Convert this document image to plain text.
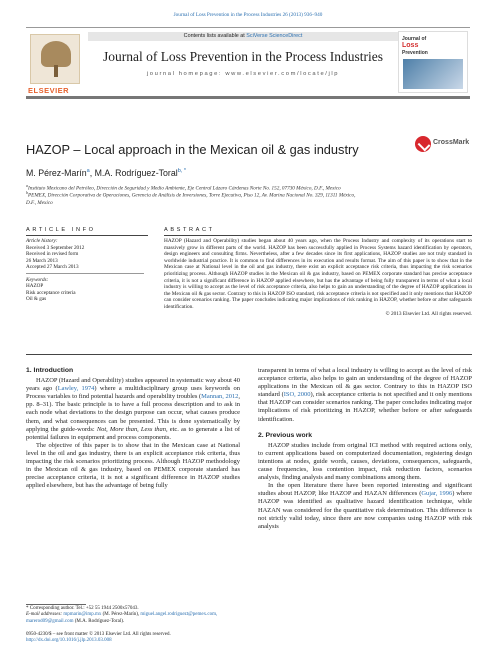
Journal of Loss Prevention in the Process Industries 26 (2013) 936–940
ELSEVIER
Contents lists available at SciVerse ScienceDirect
Journal of Loss Prevention in the Process Industries
journal homepage: www.elsevier.com/locate/jlp
Journal of
Loss
Prevention
HAZOP – Local approach in the Mexican oil & gas industry	CrossMark
M. Pérez-Marín$^a$, M.A. Rodríguez-Toral$^{b, *}$
$^a$Instituto Mexicano del Petróleo, Dirección de Seguridad y Medio Ambiente, Eje Central Lázaro Cárdenas Norte No. 152, 07730 México, D.F., Mexico
$^b$PEMEX, Dirección Corporativa de Operaciones, Gerencia de Análisis de Inversiones, Torre Ejecutiva, Piso 12, Av. Marina Nacional No. 329, 11311 México,
D.F., Mexico
ARTICLE INFO	ABSTRACT
Article history:
Received 3 September 2012
Received in revised form
26 March 2013
Accepted 27 March 2013
Keywords:
HAZOP
Risk acceptance criteria
Oil & gas
HAZOP (Hazard and Operability) studies began about 40 years ago, when the Process Industry and complexity of its operations start to massively grow in different parts of the world. HAZOP has been successfully applied in Process Systems hazard identification by operators, design engineers and consulting firms. Nevertheless, after a few decades since its first applications, HAZOP studies are not truly standard in worldwide industrial practice. It is common to find differences in its execution and results format. The aim of this paper is to show that in the Mexican case at National level in the oil and gas industry, there exist an explicit acceptance risk criteria, thus impacting the risk scenarios prioritizing process. Although HAZOP studies in the Mexican oil & gas industry, based on PEMEX corporate standard has precise acceptance criteria, it is not a significant difference in HAZOP applied elsewhere, but has the advantage of being fully transparent in terms of what a local industry is willing to accept as the level of risk acceptance criteria, also helps to gain an understanding of the degree of HAZOP applications in the Mexican oil & gas sector. Contrary to this in HAZOP ISO standard, risk acceptance criteria is not specified and it only mentions that HAZOP can consider scenarios ranking. The paper concludes indicating major implications of risk ranking in HAZOP, whether before or after safeguards identification.
© 2013 Elsevier Ltd. All rights reserved.
1. Introduction

HAZOP (Hazard and Operability) studies appeared in systematic way about 40 years ago (Lawley, 1974) where a multidisciplinary group uses keywords on Process variables to find potential hazards and operability troubles (Mannan, 2012, pp. 8–31). The basic principle is to have a full process description and to ask in each node what deviations to the design purpose can occur, what causes produce them, and what consequences can be presented. This is done systematically by applying the guide-words: Not, More than, Less than, etc. as to generate a list of potential failures in equipment and process components.

The objective of this paper is to show that in the Mexican case at National level in the oil and gas industry, there is an explicit acceptance risk criteria, thus impacting the risk scenarios prioritizing process. Although HAZOP methodology in the Mexican oil & gas industry, based on PEMEX corporate standard has precise acceptance criteria, it is not a significant difference in HAZOP studies applied elsewhere, but has the advantage of being fully

transparent in terms of what a local industry is willing to accept as the level of risk acceptance criteria, also helps to gain an understanding of the degree of HAZOP applications in the Mexican oil & gas sector. Contrary to this in HAZOP ISO standard (ISO, 2000), risk acceptance criteria is not specified and it only mentions that HAZOP can consider scenarios ranking. The paper concludes indicating major implications of risk prioritizing in HAZOP, whether before or after safeguards identification.

2. Previous work

HAZOP studies include from original ICI method with required actions only, to current applications based on computerized documentation, registering design intentions at nodes, guide words, causes, deviations, consequences, safeguards, cause frequencies, loss contention impact, risk reduction factors, scenarios analysis, finding analysis and many combinations among them.

In the open literature there have been reported interesting and significant studies about HAZOP, like HAZOP and HAZAN differences (Gujar, 1996) where HAZOP was identified as qualitative hazard identification technique, while HAZAN was considered for the quantitative risk determination. This difference is not strictly valid today, since there are now companies using HAZOP with risk analysis

* Corresponding author. Tel.: +52 55 1944 2500x57043.
E-mail addresses: mpmarin@imp.mx (M. Pérez-Marín), miguel.angel.rodriguezt@pemex.com, marerod09@gmail.com (M.A. Rodríguez-Toral).
0950-4230/$ – see front matter © 2013 Elsevier Ltd. All rights reserved.
http://dx.doi.org/10.1016/j.jlp.2013.03.008
